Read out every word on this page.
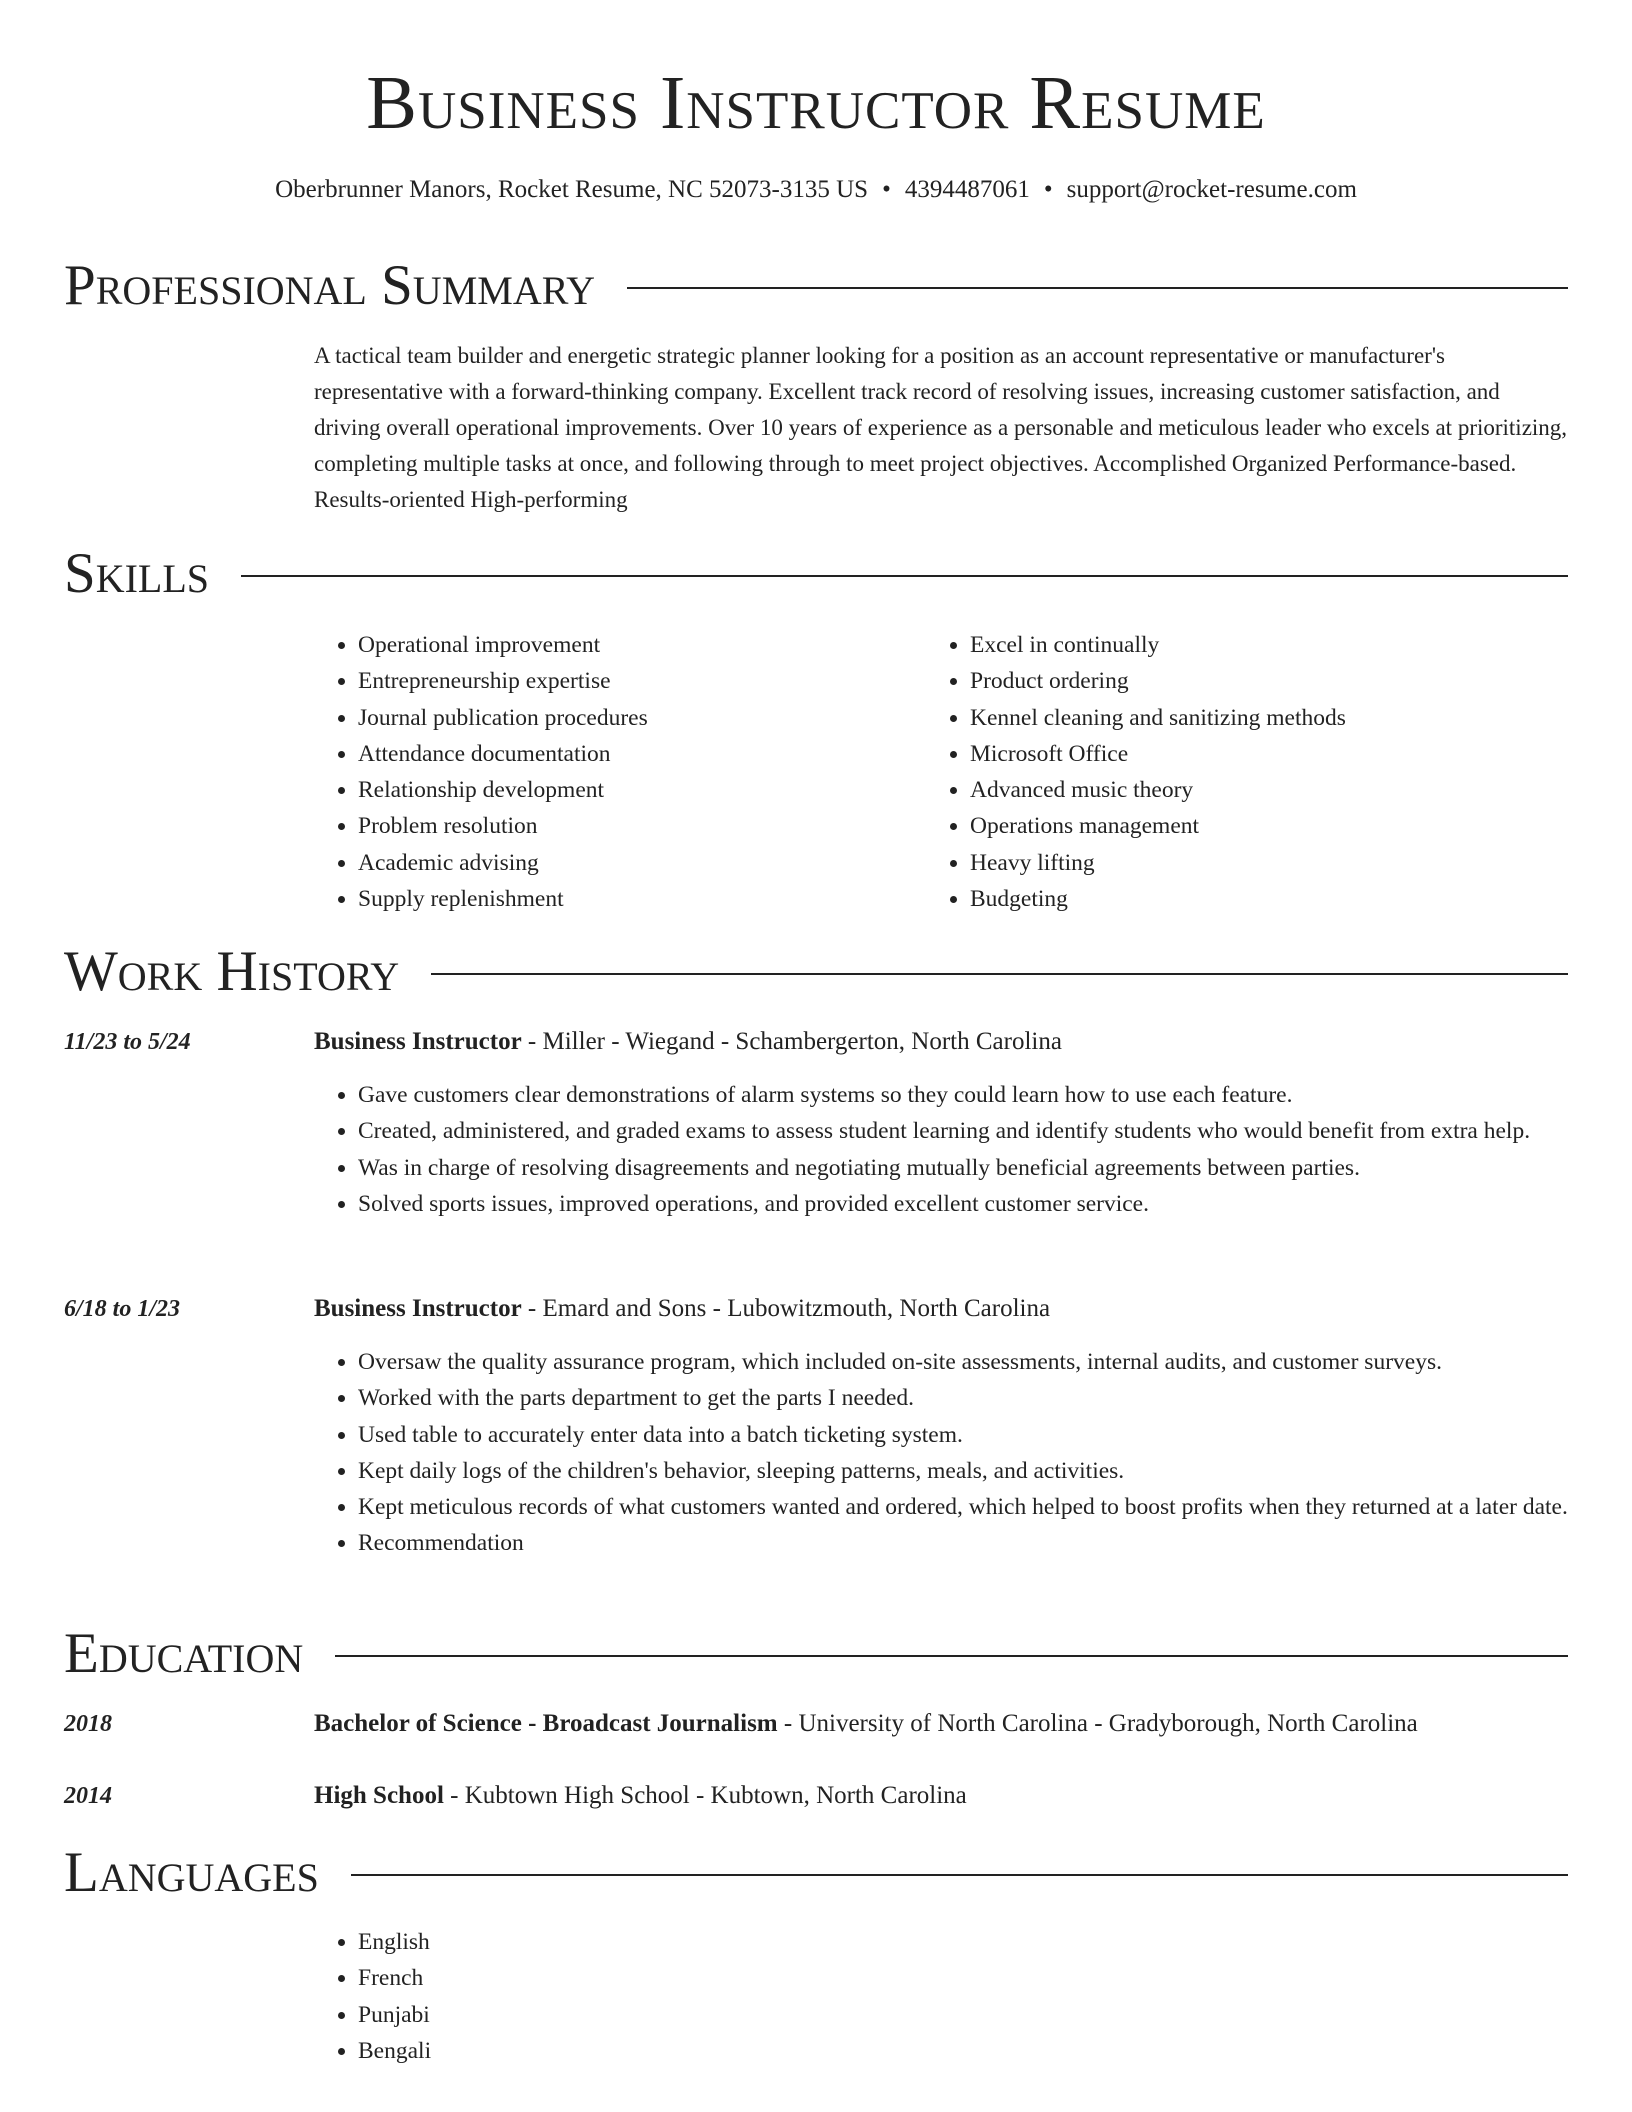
Business Instructor Resume
Oberbrunner Manors, Rocket Resume, NC 52073-3135 US • 4394487061 • support@rocket-resume.com
Professional Summary

A tactical team builder and energetic strategic planner looking for a position as an account representative or manufacturer's representative with a forward-thinking company. Excellent track record of resolving issues, increasing customer satisfaction, and driving overall operational improvements. Over 10 years of experience as a personable and meticulous leader who excels at prioritizing, completing multiple tasks at once, and following through to meet project objectives. Accomplished Organized Performance-based. Results-oriented High-performing

Skills
• Operational improvement
• Entrepreneurship expertise
• Journal publication procedures
• Attendance documentation
• Relationship development
• Problem resolution
• Academic advising
• Supply replenishment
• Excel in continually
• Product ordering
• Kennel cleaning and sanitizing methods
• Microsoft Office
• Advanced music theory
• Operations management
• Heavy lifting
• Budgeting
Work History
11/23 to 5/24	Business Instructor - Miller - Wiegand - Schambergerton, North Carolina
• Gave customers clear demonstrations of alarm systems so they could learn how to use each feature.
• Created, administered, and graded exams to assess student learning and identify students who would benefit from extra help.
• Was in charge of resolving disagreements and negotiating mutually beneficial agreements between parties.
• Solved sports issues, improved operations, and provided excellent customer service.
6/18 to 1/23	Business Instructor - Emard and Sons - Lubowitzmouth, North Carolina
• Oversaw the quality assurance program, which included on-site assessments, internal audits, and customer surveys.
• Worked with the parts department to get the parts I needed.
• Used table to accurately enter data into a batch ticketing system.
• Kept daily logs of the children's behavior, sleeping patterns, meals, and activities.
• Kept meticulous records of what customers wanted and ordered, which helped to boost profits when they returned at a later date.
• Recommendation
Education
2018	Bachelor of Science - Broadcast Journalism - University of North Carolina - Gradyborough, North Carolina
2014	High School - Kubtown High School - Kubtown, North Carolina
Languages
• English
• French
• Punjabi
• Bengali
